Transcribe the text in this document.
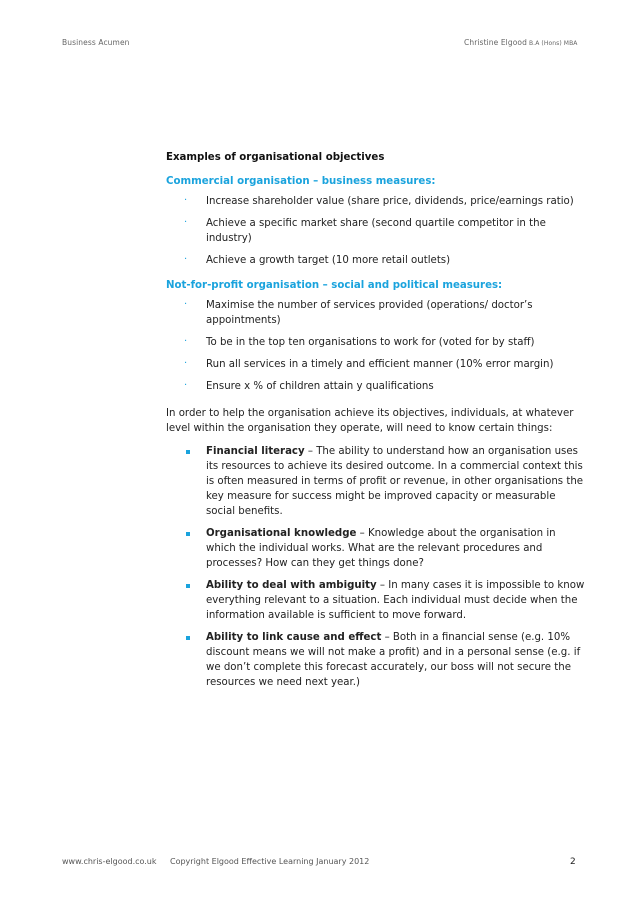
Business Acumen	Christine Elgood B.A (Hons) MBA
Examples of organisational objectives
Commercial organisation – business measures:
· Increase shareholder value (share price, dividends, price/earnings ratio)
· Achieve a specific market share (second quartile competitor in the industry)
· Achieve a growth target (10 more retail outlets)
Not-for-profit organisation – social and political measures:
· Maximise the number of services provided (operations/ doctor’s appointments)
· To be in the top ten organisations to work for (voted for by staff)
· Run all services in a timely and efficient manner (10% error margin)
· Ensure x % of children attain y qualifications
In order to help the organisation achieve its objectives, individuals, at whatever level within the organisation they operate, will need to know certain things:
Financial literacy – The ability to understand how an organisation uses its resources to achieve its desired outcome. In a commercial context this is often measured in terms of profit or revenue, in other organisations the key measure for success might be improved capacity or measurable social benefits.
Organisational knowledge – Knowledge about the organisation in which the individual works. What are the relevant procedures and processes? How can they get things done?
Ability to deal with ambiguity – In many cases it is impossible to know everything relevant to a situation. Each individual must decide when the information available is sufficient to move forward.
Ability to link cause and effect – Both in a financial sense (e.g. 10% discount means we will not make a profit) and in a personal sense (e.g. if we don’t complete this forecast accurately, our boss will not secure the resources we need next year.)
www.chris-elgood.co.uk Copyright Elgood Effective Learning January 2012	2
